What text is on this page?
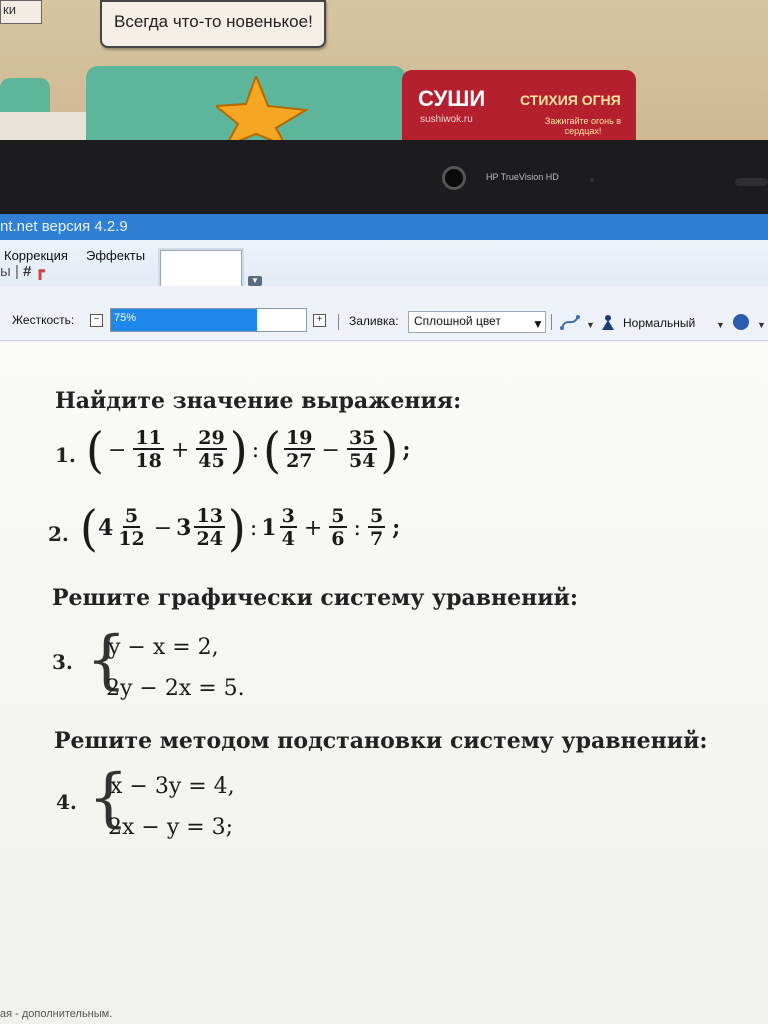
ки
Всегда что-то новенькое!
СУШИ
sushiwok.ru
СТИХИЯ ОГНЯ
Зажигайте огонь в сердцах!
HP TrueVision HD
nt.net версия 4.2.9
Коррекция Эффекты
▼
ы | # ┏
Жесткость:	−	75%	+ Заливка: Сплошной цвет	▼	▼ Нормальный ▼	▼
Найдите значение выражения:
1. ( − $\frac{11}{18} + \frac{29}{45}$ ) : ( $\frac{19}{27} - \frac{35}{54}$ ) ;
2. ( $4 \frac{5}{12} - 3 \frac{13}{24}$ ) : $1 \frac{3}{4} + \frac{5}{6}$ : $\frac{5}{7}$ ;
Решите графически систему уравнений:
3. {
y − x = 2,
2y − 2x = 5.
Решите методом подстановки систему уравнений:
4. {
x − 3y = 4,
2x − y = 3;
ая - дополнительным.
